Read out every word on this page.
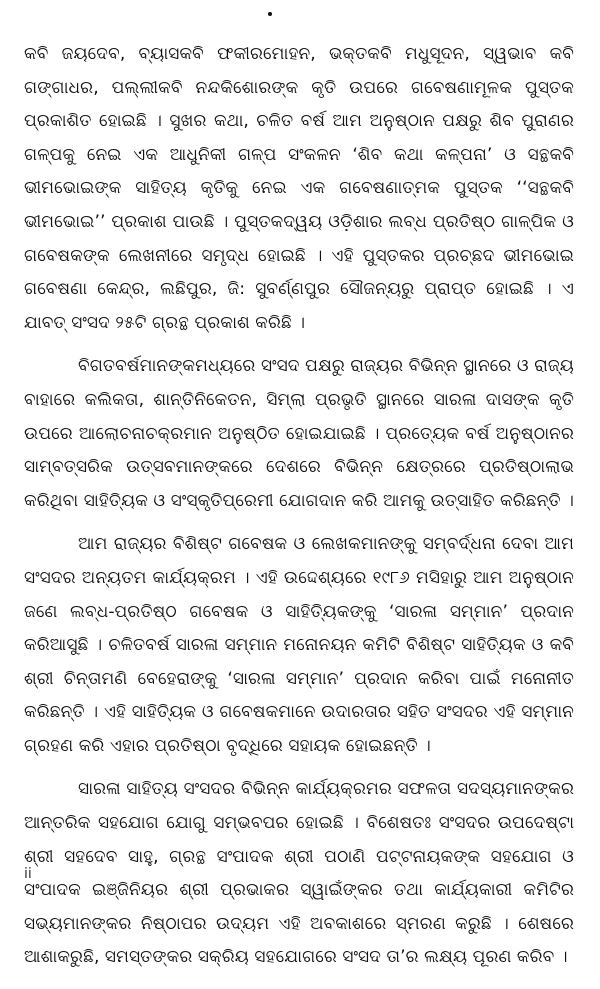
କବି ଜୟଦେବ, ବ୍ୟାସକବି ଫକୀରମୋହନ, ଭକ୍ତକବି ମଧୁସୂଦନ, ସ୍ୱଭାବ କବି ଗଙ୍ଗାଧର, ପଲ୍ଲୀକବି ନନ୍ଦକିଶୋରଙ୍କ କୃତି ଉପରେ ଗବେଷଣାମୂଳକ ପୁସ୍ତକ ପ୍ରକାଶିତ ହୋଇଛି । ସୁଖର କଥା, ଚଳିତ ବର୍ଷ ଆମ ଅନୁଷ୍ଠାନ ପକ୍ଷରୁ ଶିବ ପୁରାଣର ଗଳ୍ପକୁ ନେଇ ଏକ ଆଧୁନିକୀ ଗଳ୍ପ ସଂକଳନ ‘ଶିବ କଥା କଳ୍ପନା’ ଓ ସନ୍ଥକବି ଭୀମଭୋଇଙ୍କ ସାହିତ୍ୟ କୃତିକୁ ନେଇ ଏକ ଗବେଷଣାତ୍ମକ ପୁସ୍ତକ ‘‘ସନ୍ଥକବି ଭୀମଭୋଇ’’ ପ୍ରକାଶ ପାଉଛି । ପୁସ୍ତକଦ୍ୱୟ ଓଡ଼ିଶାର ଲବ୍ଧ ପ୍ରତିଷ୍ଠ ଗାଳ୍ପିକ ଓ ଗବେଷକଙ୍କ ଲେଖନୀରେ ସମୃଦ୍ଧ ହୋଇଛି । ଏହି ପୁସ୍ତକର ପ୍ରଚ୍ଛଦ ଭୀମଭୋଇ ଗବେଷଣା କେନ୍ଦ୍ର, ଲଛିପୁର, ଜି: ସୁବର୍ଣ୍ଣପୁର ସୌଜନ୍ୟରୁ ପ୍ରାପ୍ତ ହୋଇଛି । ଏ ଯାବତ୍ ସଂସଦ ୨୫ଟି ଗ୍ରନ୍ଥ ପ୍ରକାଶ କରିଛି ।

ବିଗତବର୍ଷମାନଙ୍କମଧ୍ୟରେ ସଂସଦ ପକ୍ଷରୁ ରାଜ୍ୟର ବିଭିନ୍ନ ସ୍ଥାନରେ ଓ ରାଜ୍ୟ ବାହାରେ କଲିକତା, ଶାନ୍ତିନିକେତନ, ସିମ୍ଲା ପ୍ରଭୃତି ସ୍ଥାନରେ ସାରଳା ଦାସଙ୍କ କୃତି ଉପରେ ଆଲୋଚନାଚକ୍ରମାନ ଅନୁଷ୍ଠିତ ହୋଇଯାଇଛି । ପ୍ରତ୍ୟେକ ବର୍ଷ ଅନୁଷ୍ଠାନର ସାମ୍ବତ୍ସରିକ ଉତ୍ସବମାନଙ୍କରେ ଦେଶରେ ବିଭିନ୍ନ କ୍ଷେତ୍ରରେ ପ୍ରତିଷ୍ଠାଲାଭ କରିଥିବା ସାହିତ୍ୟିକ ଓ ସଂସ୍କୃତିପ୍ରେମୀ ଯୋଗଦାନ କରି ଆମକୁ ଉତ୍ସାହିତ କରିଛନ୍ତି ।

ଆମ ରାଜ୍ୟର ବିଶିଷ୍ଟ ଗବେଷକ ଓ ଲେଖକମାନଙ୍କୁ ସମ୍ବର୍ଦ୍ଧନା ଦେବା ଆମ ସଂସଦର ଅନ୍ୟତମ କାର୍ଯ୍ୟକ୍ରମ । ଏହି ଉଦ୍ଦେଶ୍ୟରେ ୧୯୮୬ ମସିହାରୁ ଆମ ଅନୁଷ୍ଠାନ ଜଣେ ଲବ୍ଧ-ପ୍ରତିଷ୍ଠ ଗବେଷକ ଓ ସାହିତ୍ୟିକଙ୍କୁ ‘ସାରଳା ସମ୍ମାନ’ ପ୍ରଦାନ କରିଆସୁଛି । ଚଳିତବର୍ଷ ସାରଳା ସମ୍ମାନ ମନୋନୟନ କମିଟି ବିଶିଷ୍ଟ ସାହିତ୍ୟିକ ଓ କବି ଶ୍ରୀ ଚିନ୍ତାମଣି ବେହେରାଙ୍କୁ ‘ସାରଳା ସମ୍ମାନ’ ପ୍ରଦାନ କରିବା ପାଇଁ ମନୋନୀତ କରିଛନ୍ତି । ଏହି ସାହିତ୍ୟିକ ଓ ଗବେଷକମାନେ ଉଦାରତାର ସହିତ ସଂସଦର ଏହି ସମ୍ମାନ ଗ୍ରହଣ କରି ଏହାର ପ୍ରତିଷ୍ଠା ବୃଦ୍ଧିରେ ସହାୟକ ହୋଇଛନ୍ତି ।

ସାରଳା ସାହିତ୍ୟ ସଂସଦର ବିଭିନ୍ନ କାର୍ଯ୍ୟକ୍ରମର ସଫଳତା ସଦସ୍ୟମାନଙ୍କର ଆନ୍ତରିକ ସହଯୋଗ ଯୋଗୁ ସମ୍ଭବପର ହୋଇଛି । ବିଶେଷତଃ ସଂସଦର ଉପଦେଷ୍ଟା ଶ୍ରୀ ସହଦେବ ସାହୁ, ଗ୍ରନ୍ଥ ସଂପାଦକ ଶ୍ରୀ ପଠାଣି ପଟ୍ଟନାୟକଙ୍କ ସହଯୋଗ ଓ ସଂପାଦକ ଇଞ୍ଜିନିୟର ଶ୍ରୀ ପ୍ରଭାକର ସ୍ୱାଇଁଙ୍କର ତଥା କାର୍ଯ୍ୟକାରୀ କମିଟିର ସଭ୍ୟମାନଙ୍କର ନିଷ୍ଠାପର ଉଦ୍ୟମ ଏହି ଅବକାଶରେ ସ୍ମରଣ କରୁଛି । ଶେଷରେ ଆଶାକରୁଛି, ସମସ୍ତଙ୍କର ସକ୍ରିୟ ସହଯୋଗରେ ସଂସଦ ତା’ର ଲକ୍ଷ୍ୟ ପୂରଣ କରିବ ।

ii
